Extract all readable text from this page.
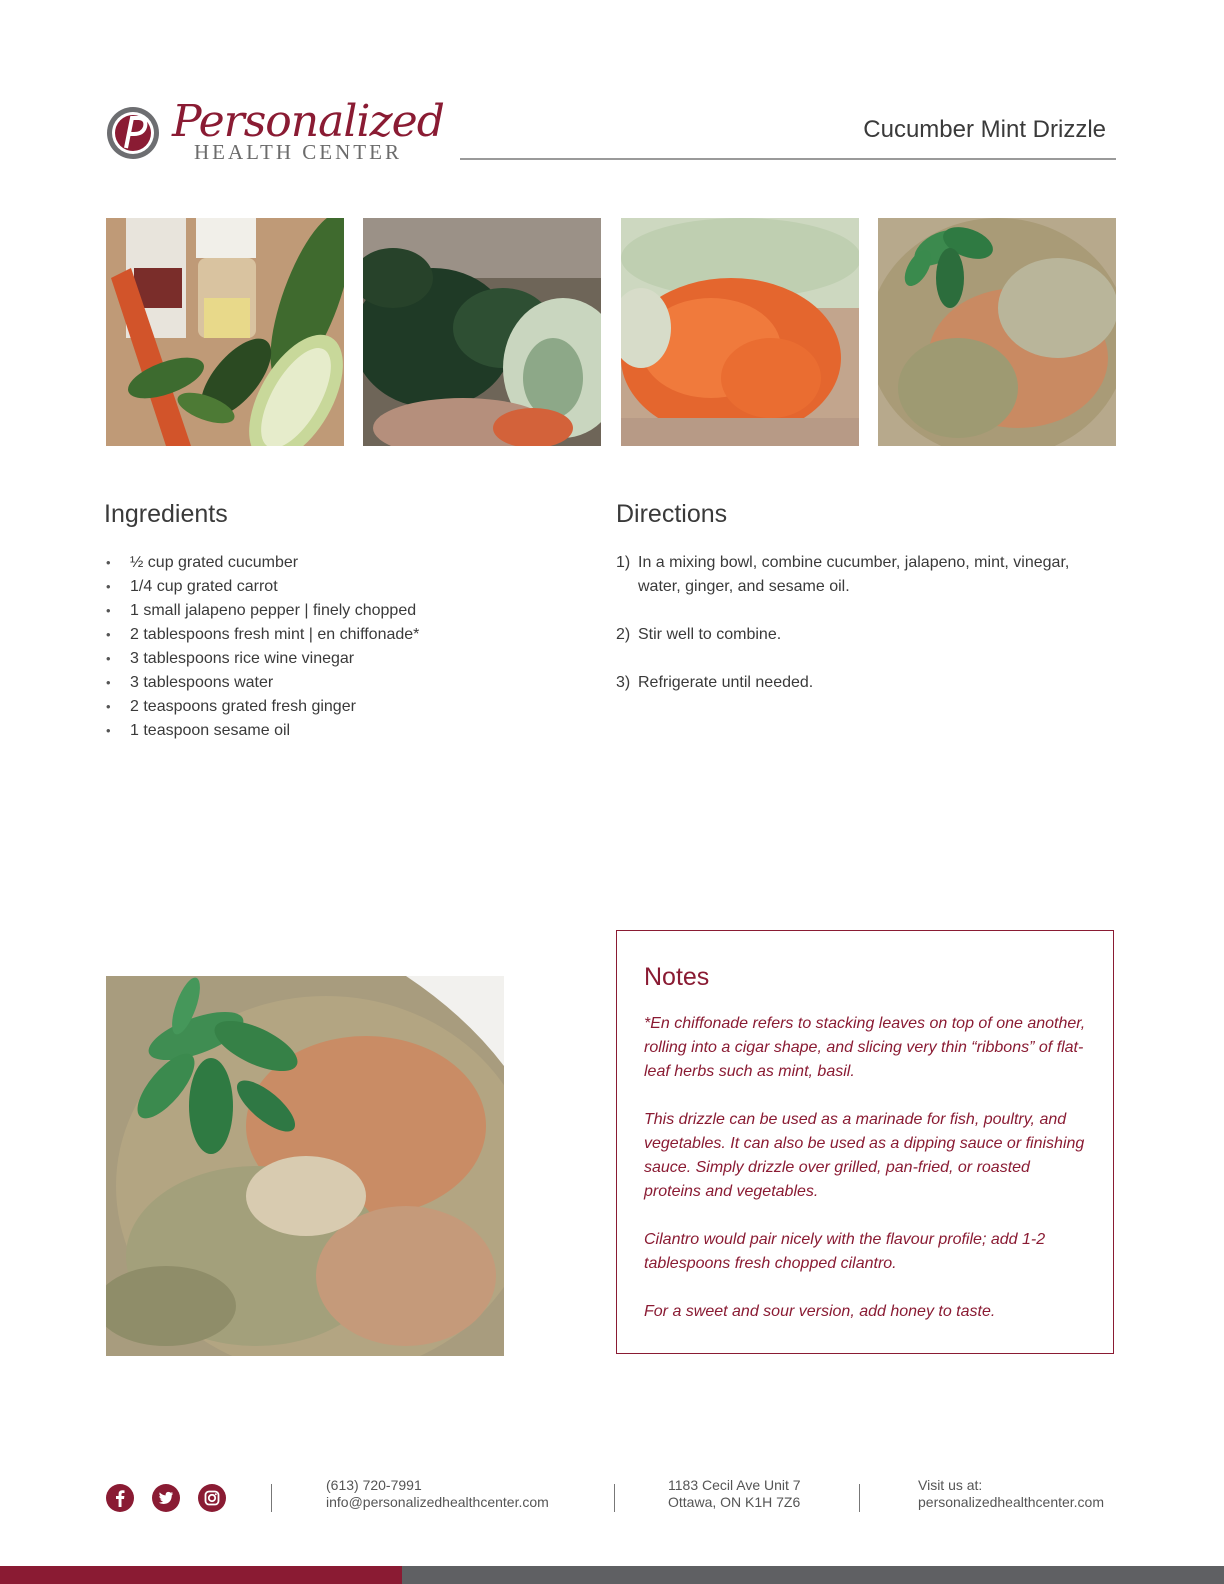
Personalized
HEALTH CENTER
Cucumber Mint Drizzle
Ingredients
• ½ cup grated cucumber
• 1/4 cup grated carrot
• 1 small jalapeno pepper | finely chopped
• 2 tablespoons fresh mint | en chiffonade*
• 3 tablespoons rice wine vinegar
• 3 tablespoons water
• 2 teaspoons grated fresh ginger
• 1 teaspoon sesame oil
Directions
1) In a mixing bowl, combine cucumber, jalapeno, mint, vinegar, water, ginger, and sesame oil.
2) Stir well to combine.
3) Refrigerate until needed.
Notes

*En chiffonade refers to stacking leaves on top of one another, rolling into a cigar shape, and slicing very thin “ribbons” of flat-leaf herbs such as mint, basil.

This drizzle can be used as a marinade for fish, poultry, and vegetables. It can also be used as a dipping sauce or finishing sauce. Simply drizzle over grilled, pan-fried, or roasted proteins and vegetables.

Cilantro would pair nicely with the flavour profile; add 1-2 tablespoons fresh chopped cilantro.

For a sweet and sour version, add honey to taste.

(613) 720-7991
info@personalizedhealthcenter.com
1183 Cecil Ave Unit 7
Ottawa, ON K1H 7Z6
Visit us at:
personalizedhealthcenter.com
